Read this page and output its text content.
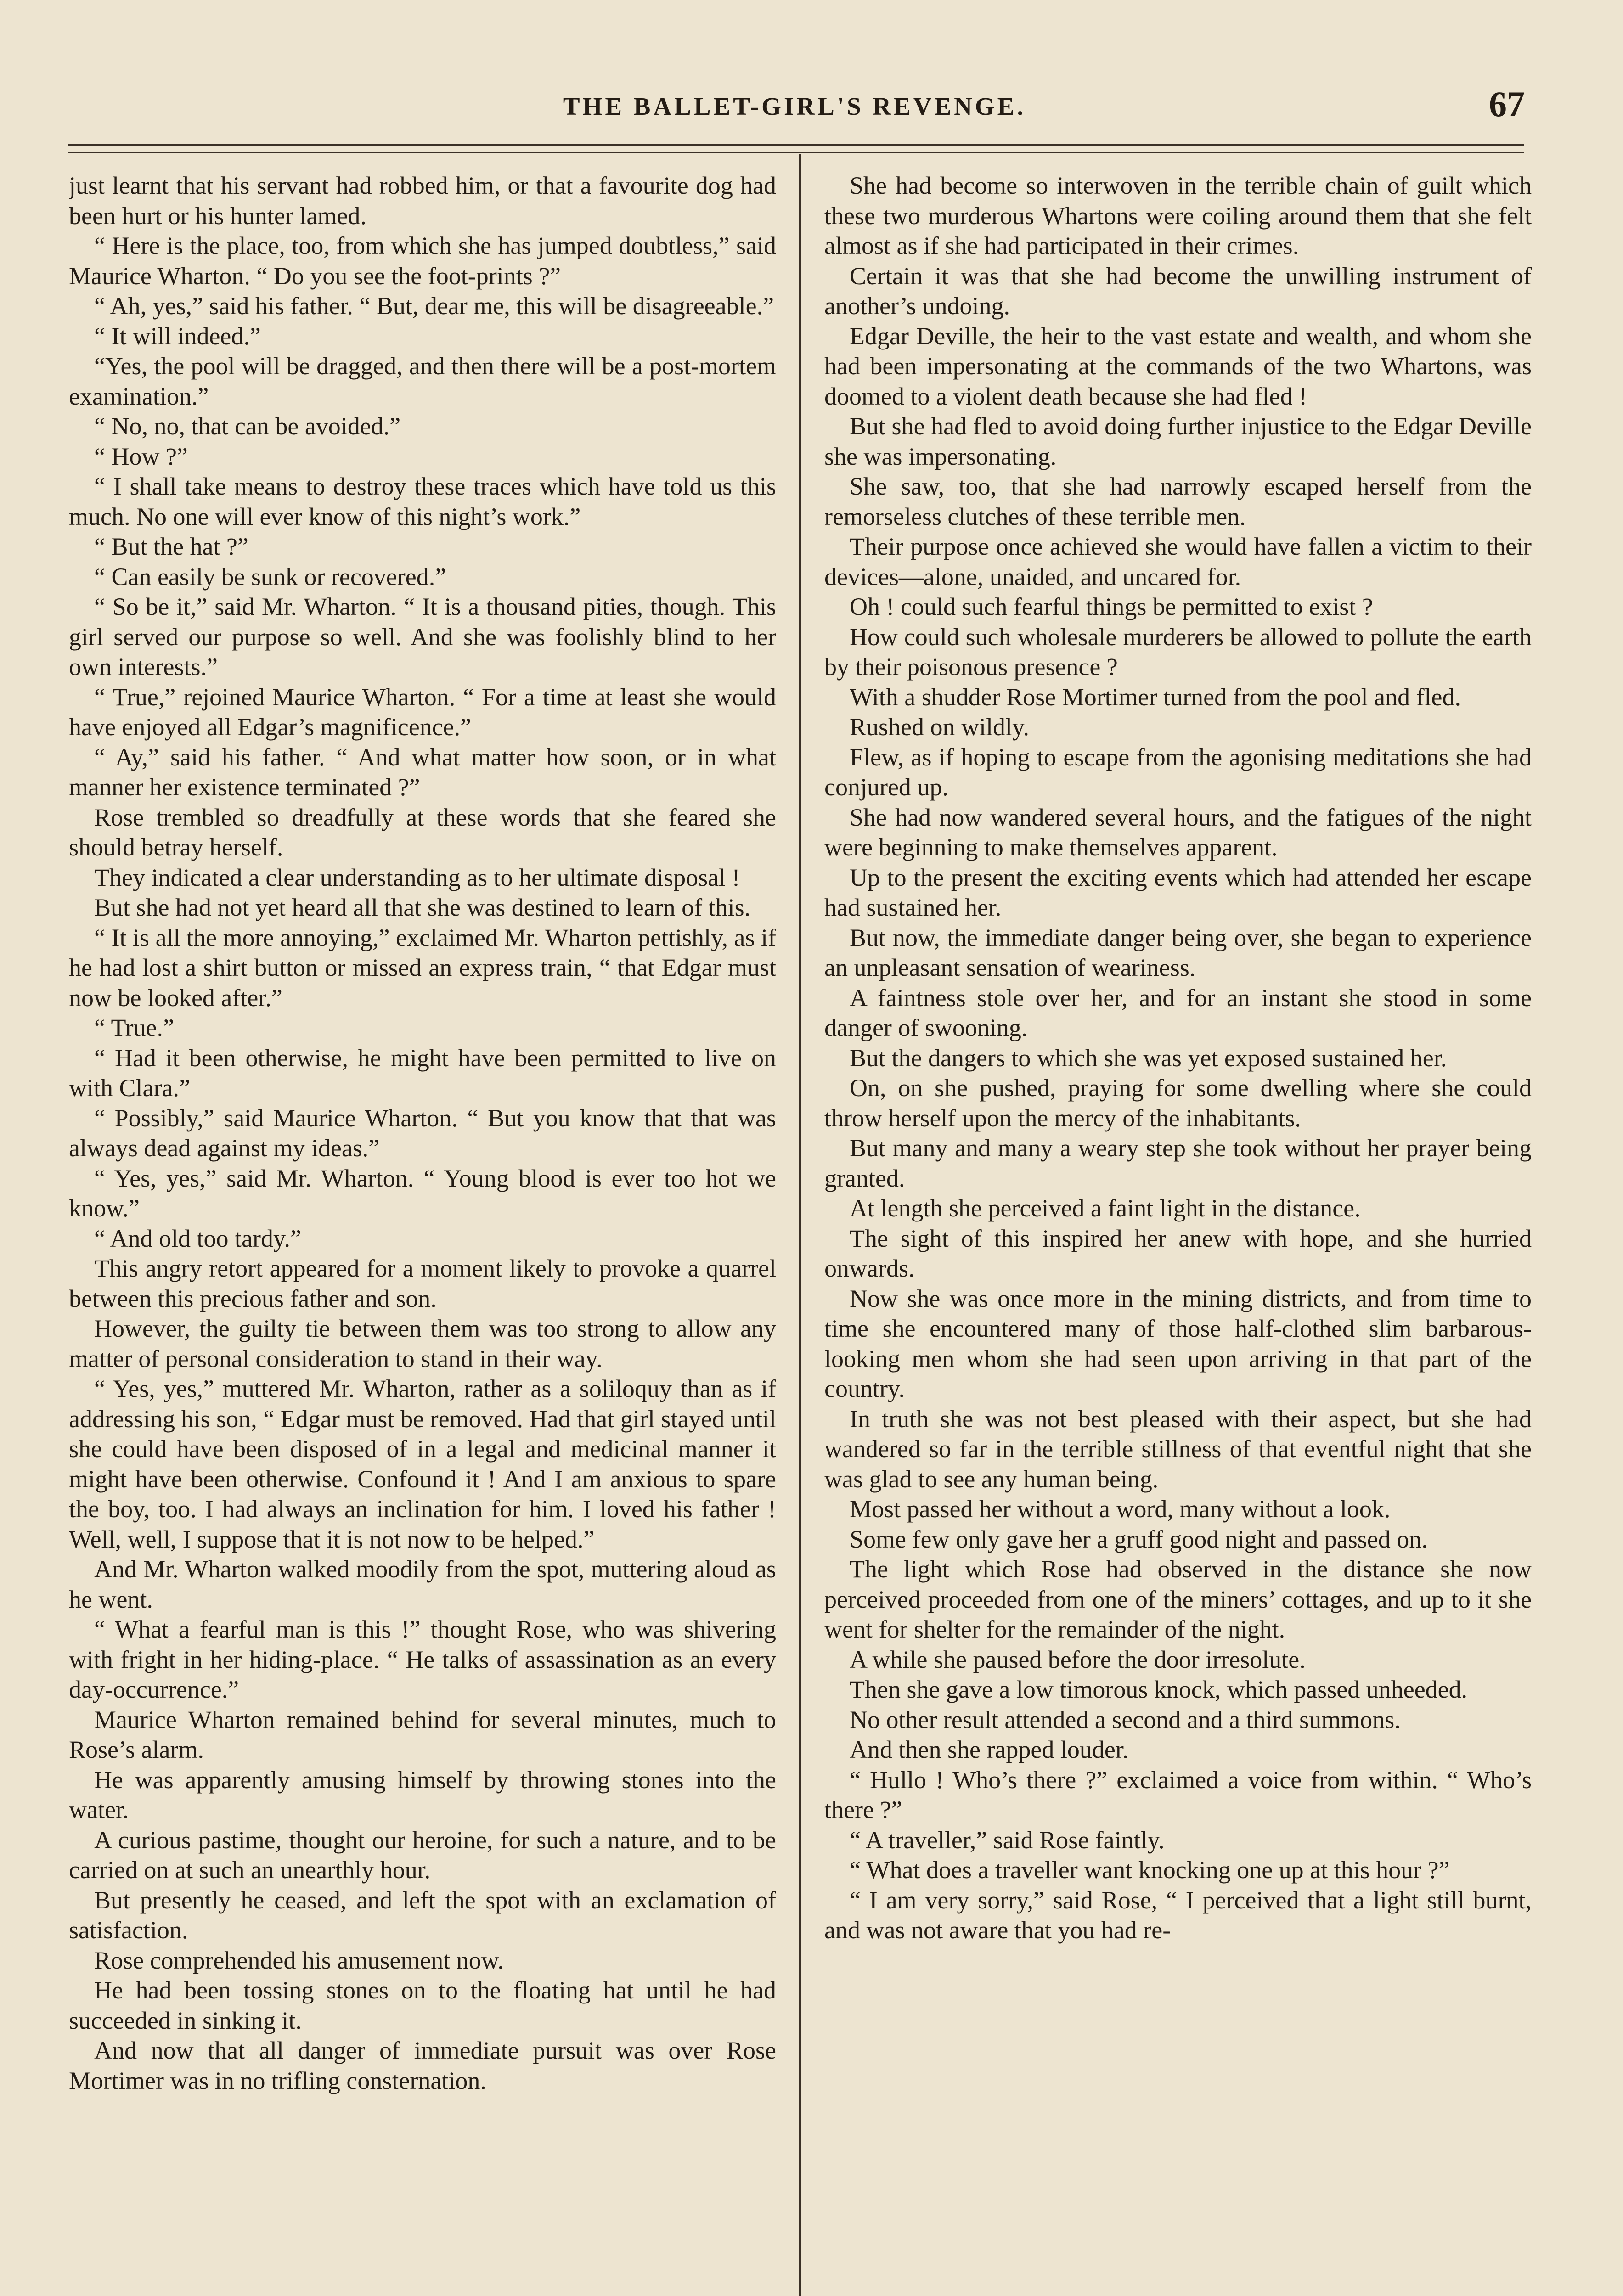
THE BALLET-GIRL'S REVENGE.	67

just learnt that his servant had robbed him, or that a favourite dog had been hurt or his hunter lamed.

“ Here is the place, too, from which she has jumped doubtless,” said Maurice Wharton. “ Do you see the foot-prints ?”

“ Ah, yes,” said his father. “ But, dear me, this will be disagreeable.”

“ It will indeed.”

“Yes, the pool will be dragged, and then there will be a post-mortem examination.”

“ No, no, that can be avoided.”

“ How ?”

“ I shall take means to destroy these traces which have told us this much. No one will ever know of this night’s work.”

“ But the hat ?”

“ Can easily be sunk or recovered.”

“ So be it,” said Mr. Wharton. “ It is a thousand pities, though. This girl served our purpose so well. And she was foolishly blind to her own interests.”

“ True,” rejoined Maurice Wharton. “ For a time at least she would have enjoyed all Edgar’s magnificence.”

“ Ay,” said his father. “ And what matter how soon, or in what manner her existence terminated ?”

Rose trembled so dreadfully at these words that she feared she should betray herself.

They indicated a clear understanding as to her ultimate disposal !

But she had not yet heard all that she was destined to learn of this.

“ It is all the more annoying,” exclaimed Mr. Wharton pettishly, as if he had lost a shirt button or missed an express train, “ that Edgar must now be looked after.”

“ True.”

“ Had it been otherwise, he might have been permitted to live on with Clara.”

“ Possibly,” said Maurice Wharton. “ But you know that that was always dead against my ideas.”

“ Yes, yes,” said Mr. Wharton. “ Young blood is ever too hot we know.”

“ And old too tardy.”

This angry retort appeared for a moment likely to provoke a quarrel between this precious father and son.

However, the guilty tie between them was too strong to allow any matter of personal consideration to stand in their way.

“ Yes, yes,” muttered Mr. Wharton, rather as a soliloquy than as if addressing his son, “ Edgar must be removed. Had that girl stayed until she could have been disposed of in a legal and medicinal manner it might have been otherwise. Confound it ! And I am anxious to spare the boy, too. I had always an inclination for him. I loved his father ! Well, well, I suppose that it is not now to be helped.”

And Mr. Wharton walked moodily from the spot, muttering aloud as he went.

“ What a fearful man is this !” thought Rose, who was shivering with fright in her hiding-place. “ He talks of assassination as an every day-occurrence.”

Maurice Wharton remained behind for several minutes, much to Rose’s alarm.

He was apparently amusing himself by throwing stones into the water.

A curious pastime, thought our heroine, for such a nature, and to be carried on at such an unearthly hour.

But presently he ceased, and left the spot with an exclamation of satisfaction.

Rose comprehended his amusement now.

He had been tossing stones on to the floating hat until he had succeeded in sinking it.

And now that all danger of immediate pursuit was over Rose Mortimer was in no trifling consternation.

She had become so interwoven in the terrible chain of guilt which these two murderous Whartons were coiling around them that she felt almost as if she had participated in their crimes.

Certain it was that she had become the unwilling instrument of another’s undoing.

Edgar Deville, the heir to the vast estate and wealth, and whom she had been impersonating at the commands of the two Whartons, was doomed to a violent death because she had fled !

But she had fled to avoid doing further injustice to the Edgar Deville she was impersonating.

She saw, too, that she had narrowly escaped herself from the remorseless clutches of these terrible men.

Their purpose once achieved she would have fallen a victim to their devices—alone, unaided, and uncared for.

Oh ! could such fearful things be permitted to exist ?

How could such wholesale murderers be allowed to pollute the earth by their poisonous presence ?

With a shudder Rose Mortimer turned from the pool and fled.

Rushed on wildly.

Flew, as if hoping to escape from the agonising meditations she had conjured up.

She had now wandered several hours, and the fatigues of the night were beginning to make themselves apparent.

Up to the present the exciting events which had attended her escape had sustained her.

But now, the immediate danger being over, she began to experience an unpleasant sensation of weariness.

A faintness stole over her, and for an instant she stood in some danger of swooning.

But the dangers to which she was yet exposed sustained her.

On, on she pushed, praying for some dwelling where she could throw herself upon the mercy of the inhabitants.

But many and many a weary step she took without her prayer being granted.

At length she perceived a faint light in the distance.

The sight of this inspired her anew with hope, and she hurried onwards.

Now she was once more in the mining districts, and from time to time she encountered many of those half-clothed slim barbarous-looking men whom she had seen upon arriving in that part of the country.

In truth she was not best pleased with their aspect, but she had wandered so far in the terrible stillness of that eventful night that she was glad to see any human being.

Most passed her without a word, many without a look.

Some few only gave her a gruff good night and passed on.

The light which Rose had observed in the distance she now perceived proceeded from one of the miners’ cottages, and up to it she went for shelter for the remainder of the night.

A while she paused before the door irresolute.

Then she gave a low timorous knock, which passed unheeded.

No other result attended a second and a third summons.

And then she rapped louder.

“ Hullo ! Who’s there ?” exclaimed a voice from within. “ Who’s there ?”

“ A traveller,” said Rose faintly.

“ What does a traveller want knocking one up at this hour ?”

“ I am very sorry,” said Rose, “ I perceived that a light still burnt, and was not aware that you had re-
